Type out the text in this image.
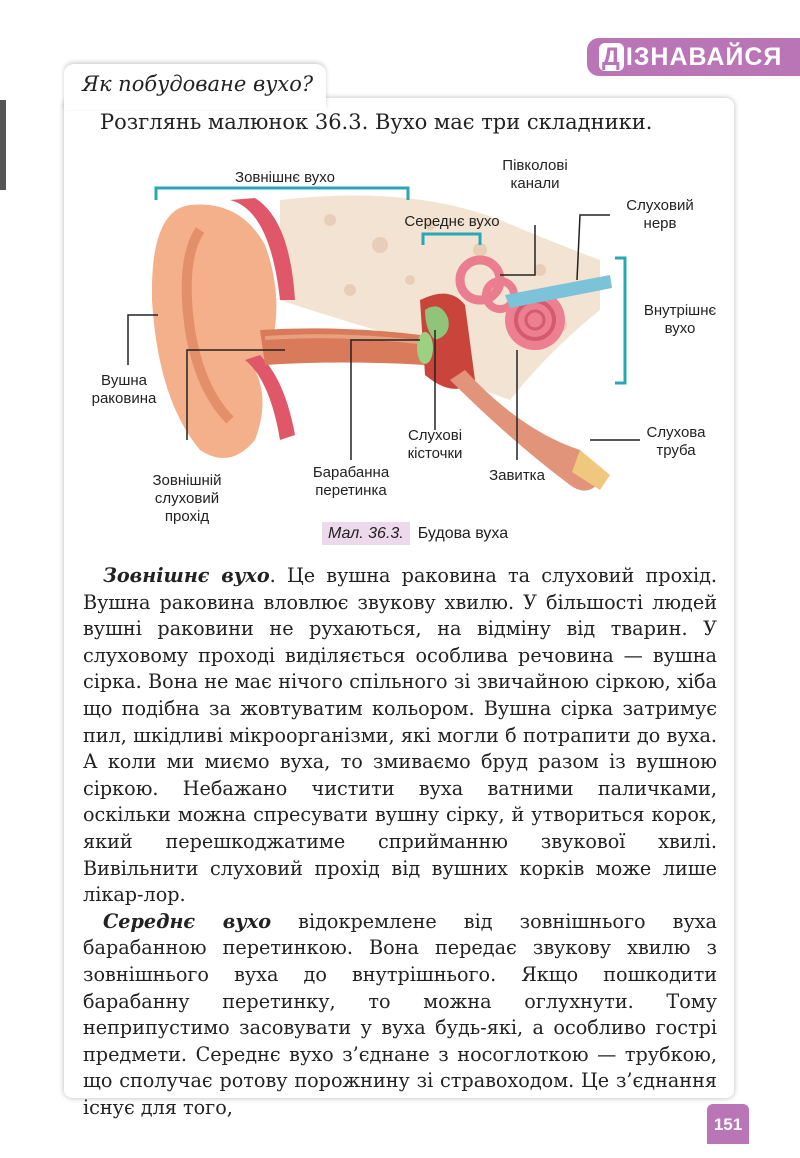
Д ІЗНАВАЙСЯ
Як побудоване вухо?
Розглянь малюнок 36.3. Вухо має три складники.
Зовнішнє вухо
Середнє вухо
Півколові
канали
Слуховий
нерв
Внутрішнє
вухо
Вушна
раковина
Зовнішній
слуховий
прохід
Барабанна
перетинка
Слухові
кісточки
Завитка
Слухова
труба
Мал. 36.3. Будова вуха

Зовнішнє вухо. Це вушна раковина та слуховий прохід. Вушна раковина вловлює звукову хвилю. У більшості людей вушні раковини не рухаються, на відміну від тварин. У слуховому проході виділяється особлива речовина — вушна сірка. Вона не має нічого спільного зі звичайною сіркою, хіба що подібна за жовтуватим кольором. Вушна сірка затримує пил, шкідливі мікроорганізми, які могли б потрапити до вуха. А коли ми миємо вуха, то змиваємо бруд разом із вушною сіркою. Небажано чистити вуха ватними паличками, оскільки можна спресувати вушну сірку, й утвориться корок, який перешкоджатиме сприйманню звукової хвилі. Вивільнити слуховий прохід від вушних корків може лише лікар-лор.

Середнє вухо відокремлене від зовнішнього вуха барабанною перетинкою. Вона передає звукову хвилю з зовнішнього вуха до внутрішнього. Якщо пошкодити барабанну перетинку, то можна оглухнути. Тому неприпустимо засовувати у вуха будь-які, а особливо гострі предмети. Середнє вухо з’єднане з носоглоткою — трубкою, що сполучає ротову порожнину зі стравоходом. Це з’єднання існує для того,

151
